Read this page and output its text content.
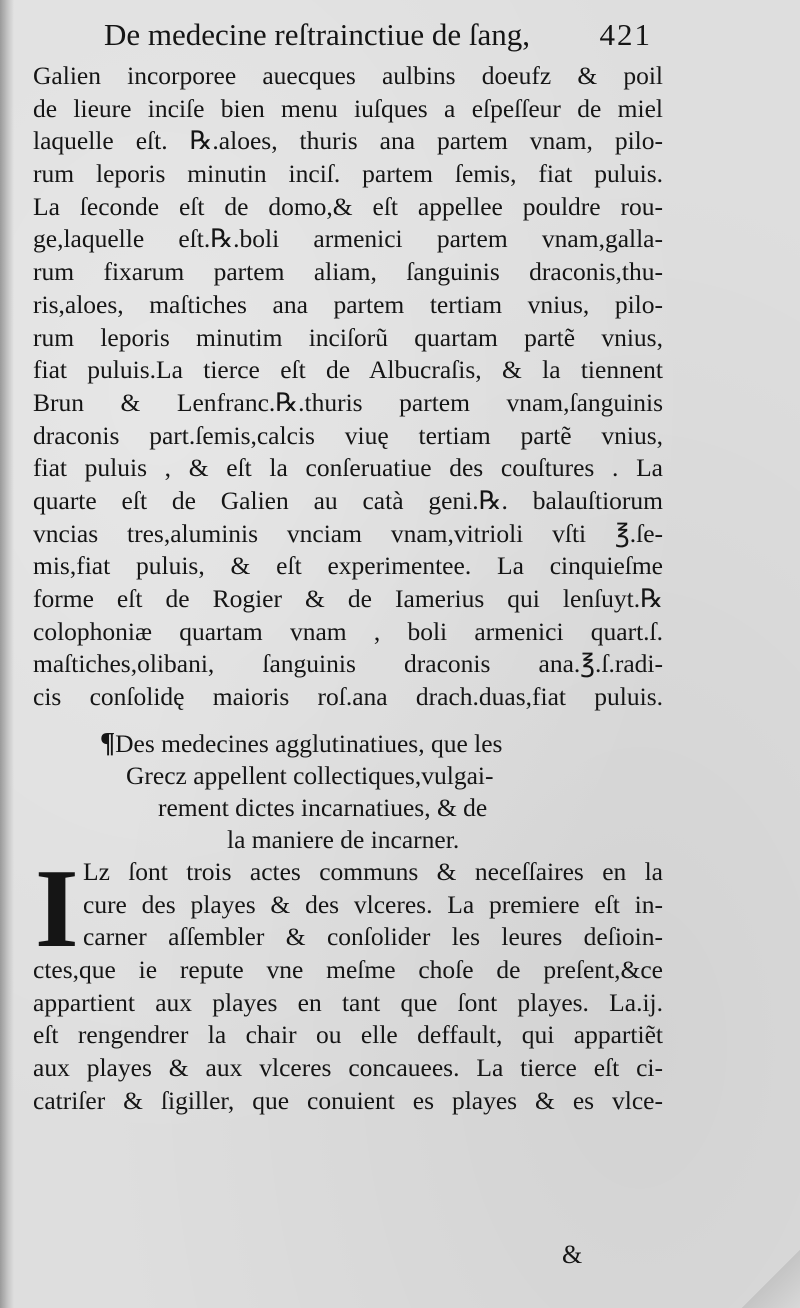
De medecine reſtrainctiue de ſang, 421
Galien incorporee auecques aulbins doeufz & poil
de lieure inciſe bien menu iuſques a eſpeſſeur de miel
laquelle eſt. ℞.aloes, thuris ana partem vnam, pilo-
rum leporis minutin inciſ. partem ſemis, fiat puluis.
La ſeconde eſt de domo,& eſt appellee pouldre rou-
ge,laquelle eſt.℞.boli armenici partem vnam,galla-
rum fixarum partem aliam, ſanguinis draconis,thu-
ris,aloes, maſtiches ana partem tertiam vnius, pilo-
rum leporis minutim inciſorũ quartam partẽ vnius,
fiat puluis.La tierce eſt de Albucraſis, & la tiennent
Brun & Lenfranc.℞.thuris partem vnam,ſanguinis
draconis part.ſemis,calcis viuę tertiam partẽ vnius,
fiat puluis , & eſt la conſeruatiue des couſtures . La
quarte eſt de Galien au catà geni.℞. balauſtiorum
vncias tres,aluminis vnciam vnam,vitrioli vſti ℥.ſe-
mis,fiat puluis, & eſt experimentee. La cinquieſme
forme eſt de Rogier & de Iamerius qui lenſuyt.℞
colophoniæ quartam vnam , boli armenici quart.ſ.
maſtiches,olibani, ſanguinis draconis ana.℥.ſ.radi-
cis conſolidę maioris roſ.ana drach.duas,fiat puluis.
¶Des medecines agglutinatiues, que les
Grecz appellent collectiques,vulgai-
rement dictes incarnatiues, & de
la maniere de incarner.
I Lz ſont trois actes communs & neceſſaires en la
cure des playes & des vlceres. La premiere eſt in-
carner aſſembler & conſolider les leures deſioin-
ctes,que ie repute vne meſme choſe de preſent,&ce
appartient aux playes en tant que ſont playes. La.ij.
eſt rengendrer la chair ou elle deffault, qui appartiẽt
aux playes & aux vlceres concauees. La tierce eſt ci-
catriſer & ſigiller, que conuient es playes & es vlce-
&
